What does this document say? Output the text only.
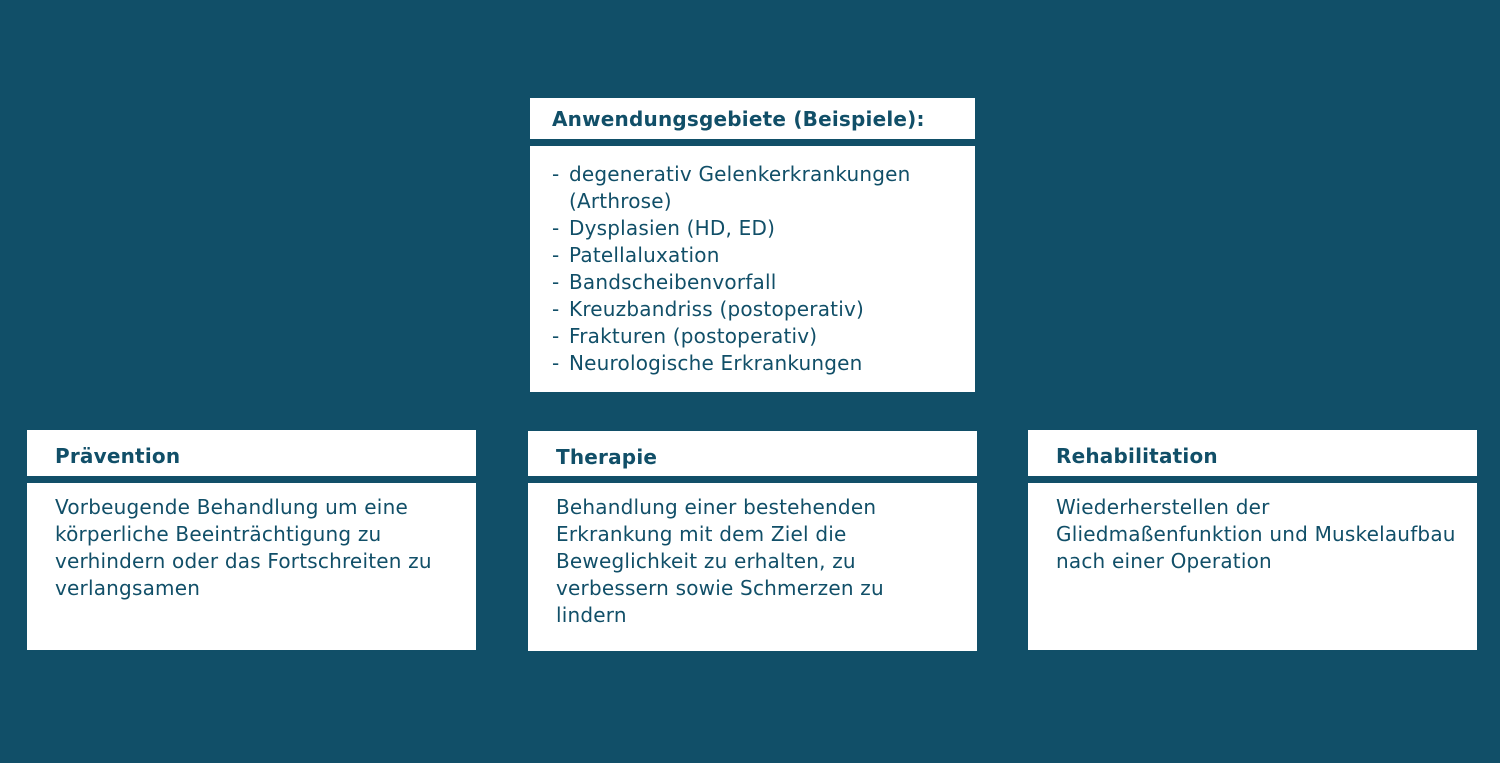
Anwendungsgebiete (Beispiele):
- degenerativ Gelenkerkrankungen (Arthrose)
- Dysplasien (HD, ED)
- Patellaluxation
- Bandscheibenvorfall
- Kreuzbandriss (postoperativ)
- Frakturen (postoperativ)
- Neurologische Erkrankungen
Prävention
Vorbeugende Behandlung um eine körperliche Beeinträchtigung zu verhindern oder das Fortschreiten zu verlangsamen
Therapie
Behandlung einer bestehenden Erkrankung mit dem Ziel die Beweglichkeit zu erhalten, zu verbessern sowie Schmerzen zu lindern
Rehabilitation
Wiederherstellen der Gliedmaßenfunktion und Muskelaufbau nach einer Operation
